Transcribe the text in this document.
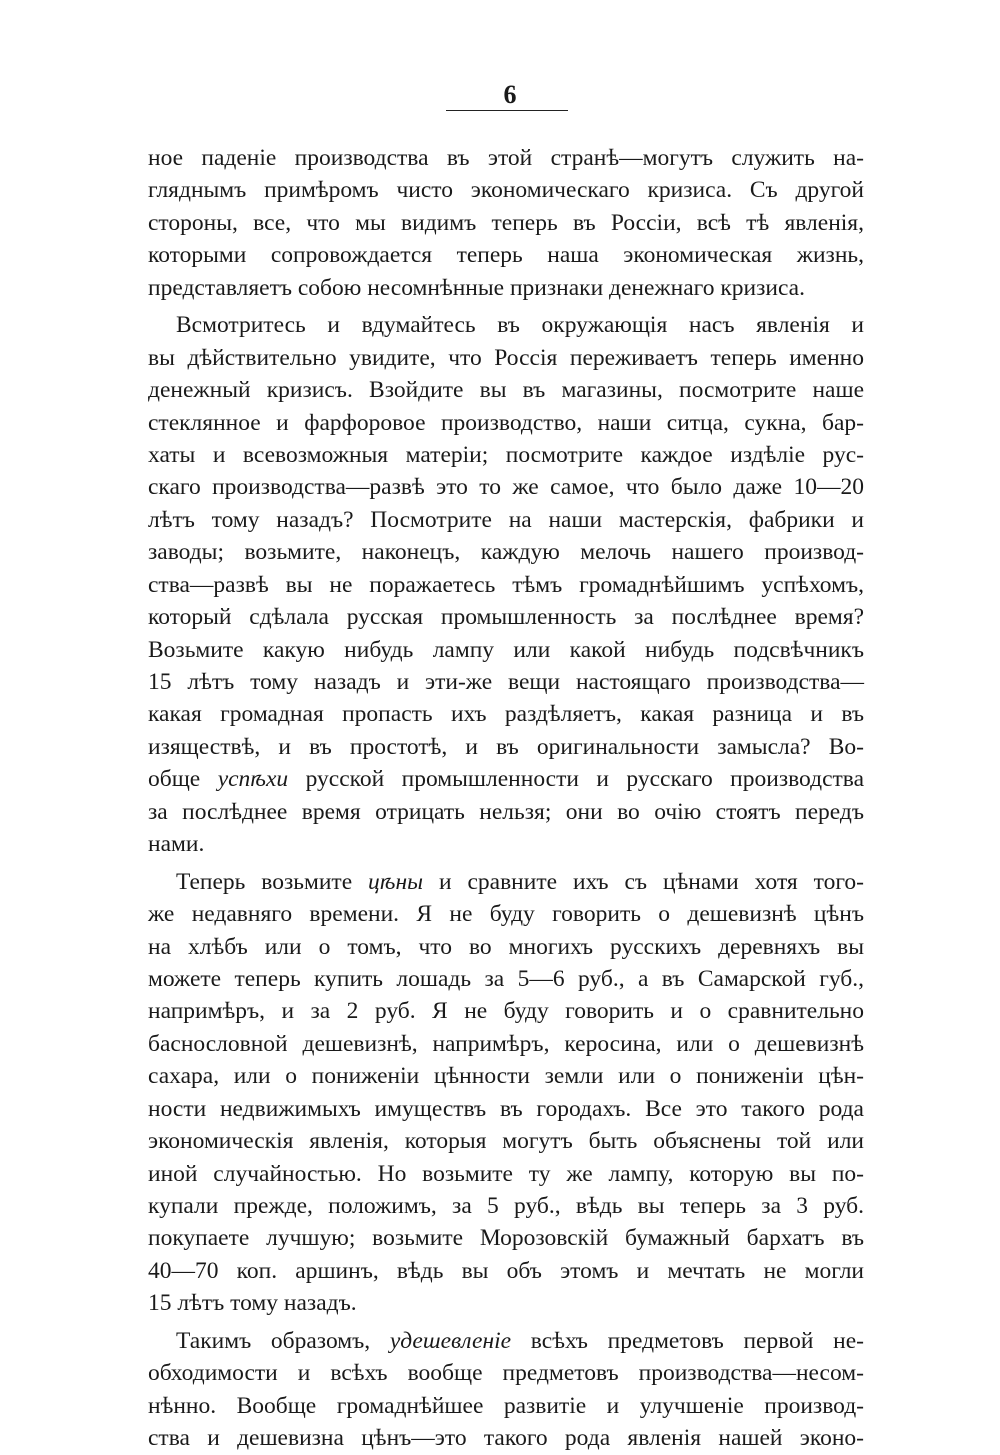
6
ное паденіе производства въ этой странѣ—могутъ служить на-
гляднымъ примѣромъ чисто экономическаго кризиса. Съ другой
стороны, все, что мы видимъ теперь въ Россіи, всѣ тѣ явленія,
которыми сопровождается теперь наша экономическая жизнь,
представляетъ собою несомнѣнные признаки денежнаго кризиса.
Всмотритесь и вдумайтесь въ окружающія насъ явленія и
вы дѣйствительно увидите, что Россія переживаетъ теперь именно
денежный кризисъ. Взойдите вы въ магазины, посмотрите наше
стеклянное и фарфоровое производство, наши ситца, сукна, бар-
хаты и всевозможныя матеріи; посмотрите каждое издѣліе рус-
скаго производства—развѣ это то же самое, что было даже 10—20
лѣтъ тому назадъ? Посмотрите на наши мастерскія, фабрики и
заводы; возьмите, наконецъ, каждую мелочь нашего производ-
ства—развѣ вы не поражаетесь тѣмъ громаднѣйшимъ успѣхомъ,
который сдѣлала русская промышленность за послѣднее время?
Возьмите какую нибудь лампу или какой нибудь подсвѣчникъ
15 лѣтъ тому назадъ и эти-же вещи настоящаго производства—
какая громадная пропасть ихъ раздѣляетъ, какая разница и въ
изяществѣ, и въ простотѣ, и въ оригинальности замысла? Во-
обще успѣхи русской промышленности и русскаго производства
за послѣднее время отрицать нельзя; они во очію стоятъ передъ
нами.
Теперь возьмите цѣны и сравните ихъ съ цѣнами хотя того-
же недавняго времени. Я не буду говорить о дешевизнѣ цѣнъ
на хлѣбъ или о томъ, что во многихъ русскихъ деревняхъ вы
можете теперь купить лошадь за 5—6 руб., а въ Самарской губ.,
напримѣръ, и за 2 руб. Я не буду говорить и о сравнительно
баснословной дешевизнѣ, напримѣръ, керосина, или о дешевизнѣ
сахара, или о пониженіи цѣнности земли или о пониженіи цѣн-
ности недвижимыхъ имуществъ въ городахъ. Все это такого рода
экономическія явленія, которыя могутъ быть объяснены той или
иной случайностью. Но возьмите ту же лампу, которую вы по-
купали прежде, положимъ, за 5 руб., вѣдь вы теперь за 3 руб.
покупаете лучшую; возьмите Морозовскій бумажный бархатъ въ
40—70 коп. аршинъ, вѣдь вы объ этомъ и мечтать не могли
15 лѣтъ тому назадъ.
Такимъ образомъ, удешевленіе всѣхъ предметовъ первой не-
обходимости и всѣхъ вообще предметовъ производства—несом-
нѣнно. Вообще громаднѣйшее развитіе и улучшеніе производ-
ства и дешевизна цѣнъ—это такого рода явленія нашей эконо-
